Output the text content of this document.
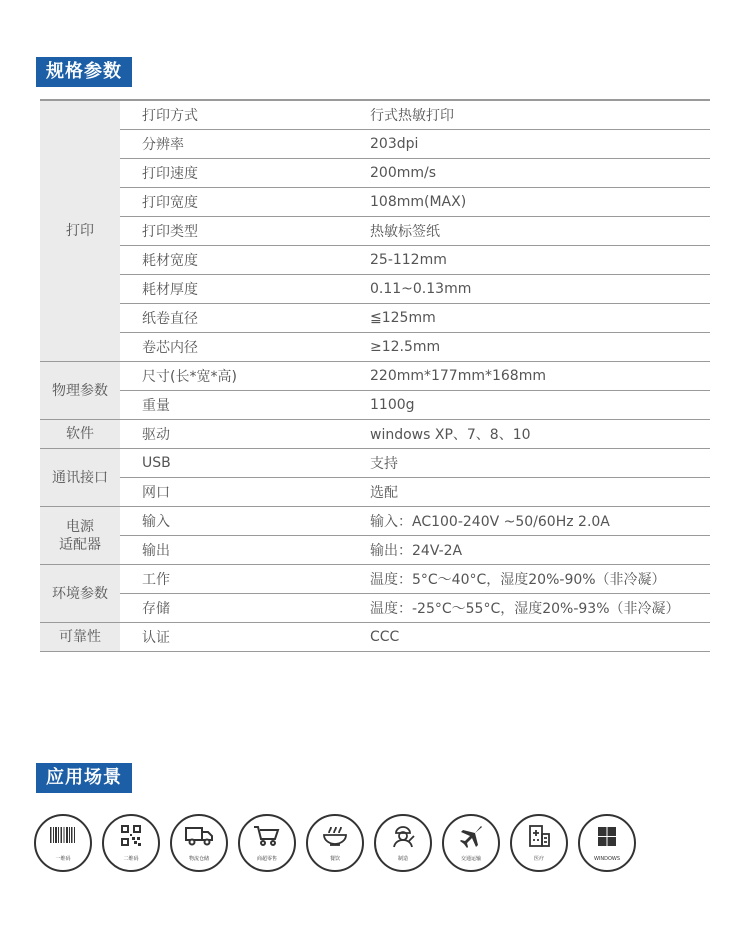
规格参数
打印
打印方式	行式热敏打印
分辨率	203dpi
打印速度	200mm/s
打印宽度	108mm(MAX)
打印类型	热敏标签纸
耗材宽度	25-112mm
耗材厚度	0.11~0.13mm
纸卷直径	≦125mm
卷芯内径	≥12.5mm
物理参数
尺寸(长*宽*高)	220mm*177mm*168mm
重量	1100g
软件	驱动	windows XP、7、8、10
通讯接口
USB	支持
网口	选配
电源
适配器
输入	输入：AC100-240V ~50/60Hz 2.0A
输出	输出：24V-2A
环境参数
工作	温度：5°C～40°C，湿度20%-90%（非冷凝）
存储	温度：-25°C～55°C，湿度20%-93%（非冷凝）
可靠性	认证	CCC
应用场景
一维码	二维码	物流仓储	商超零售	餐饮	制造	交通运输	医疗	WINDOWS
